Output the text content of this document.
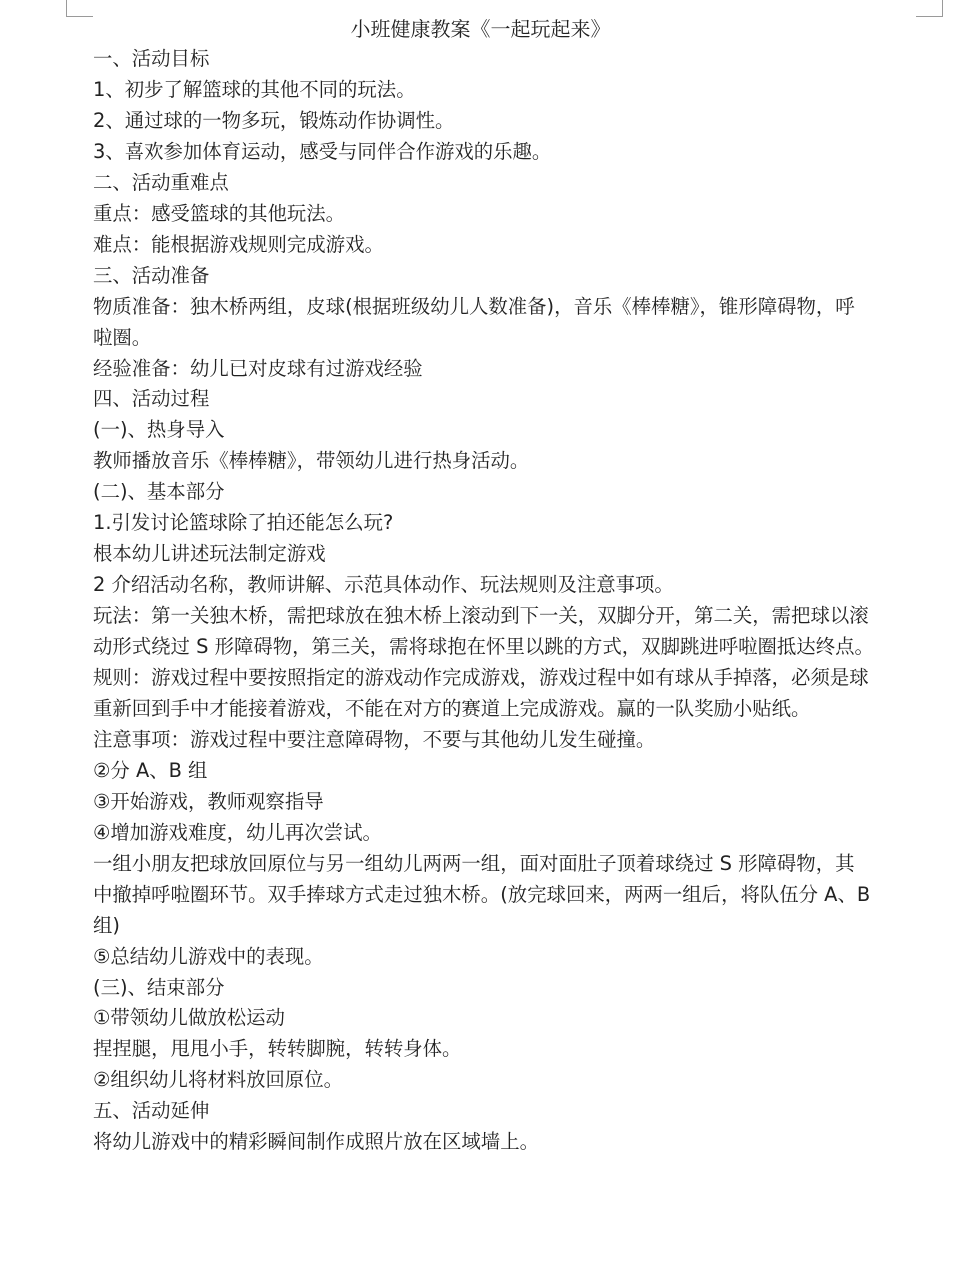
小班健康教案《一起玩起来》
一、活动目标
1、初步了解篮球的其他不同的玩法。
2、通过球的一物多玩，锻炼动作协调性。
3、喜欢参加体育运动，感受与同伴合作游戏的乐趣。
二、活动重难点
重点：感受篮球的其他玩法。
难点：能根据游戏规则完成游戏。
三、活动准备
物质准备：独木桥两组，皮球(根据班级幼儿人数准备)，音乐《棒棒糖》，锥形障碍物，呼
啦圈。
经验准备：幼儿已对皮球有过游戏经验
四、活动过程
(一)、热身导入
教师播放音乐《棒棒糖》，带领幼儿进行热身活动。
(二)、基本部分
1.引发讨论篮球除了拍还能怎么玩?
根本幼儿讲述玩法制定游戏
2 介绍活动名称，教师讲解、示范具体动作、玩法规则及注意事项。
玩法：第一关独木桥，需把球放在独木桥上滚动到下一关，双脚分开，第二关，需把球以滚
动形式绕过 S 形障碍物，第三关，需将球抱在怀里以跳的方式，双脚跳进呼啦圈抵达终点。
规则：游戏过程中要按照指定的游戏动作完成游戏，游戏过程中如有球从手掉落，必须是球
重新回到手中才能接着游戏，不能在对方的赛道上完成游戏。赢的一队奖励小贴纸。
注意事项：游戏过程中要注意障碍物，不要与其他幼儿发生碰撞。
②分 A、B 组
③开始游戏，教师观察指导
④增加游戏难度，幼儿再次尝试。
一组小朋友把球放回原位与另一组幼儿两两一组，面对面肚子顶着球绕过 S 形障碍物，其
中撤掉呼啦圈环节。双手捧球方式走过独木桥。(放完球回来，两两一组后，将队伍分 A、B
组)
⑤总结幼儿游戏中的表现。
(三)、结束部分
①带领幼儿做放松运动
捏捏腿，甩甩小手，转转脚腕，转转身体。
②组织幼儿将材料放回原位。
五、活动延伸
将幼儿游戏中的精彩瞬间制作成照片放在区域墙上。
